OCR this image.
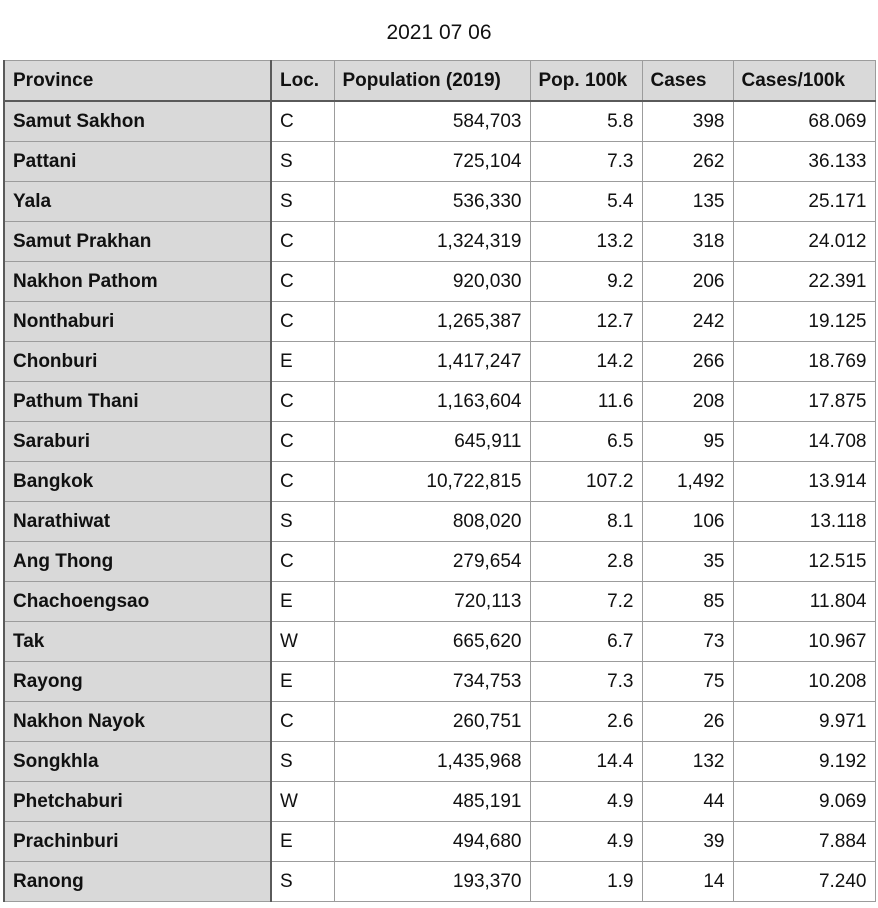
2021 07 06
Province	Loc.	Population (2019)	Pop. 100k	Cases	Cases/100k
Samut Sakhon	C	584,703	5.8	398	68.069
Pattani	S	725,104	7.3	262	36.133
Yala	S	536,330	5.4	135	25.171
Samut Prakhan	C	1,324,319	13.2	318	24.012
Nakhon Pathom	C	920,030	9.2	206	22.391
Nonthaburi	C	1,265,387	12.7	242	19.125
Chonburi	E	1,417,247	14.2	266	18.769
Pathum Thani	C	1,163,604	11.6	208	17.875
Saraburi	C	645,911	6.5	95	14.708
Bangkok	C	10,722,815	107.2	1,492	13.914
Narathiwat	S	808,020	8.1	106	13.118
Ang Thong	C	279,654	2.8	35	12.515
Chachoengsao	E	720,113	7.2	85	11.804
Tak	W	665,620	6.7	73	10.967
Rayong	E	734,753	7.3	75	10.208
Nakhon Nayok	C	260,751	2.6	26	9.971
Songkhla	S	1,435,968	14.4	132	9.192
Phetchaburi	W	485,191	4.9	44	9.069
Prachinburi	E	494,680	4.9	39	7.884
Ranong	S	193,370	1.9	14	7.240
